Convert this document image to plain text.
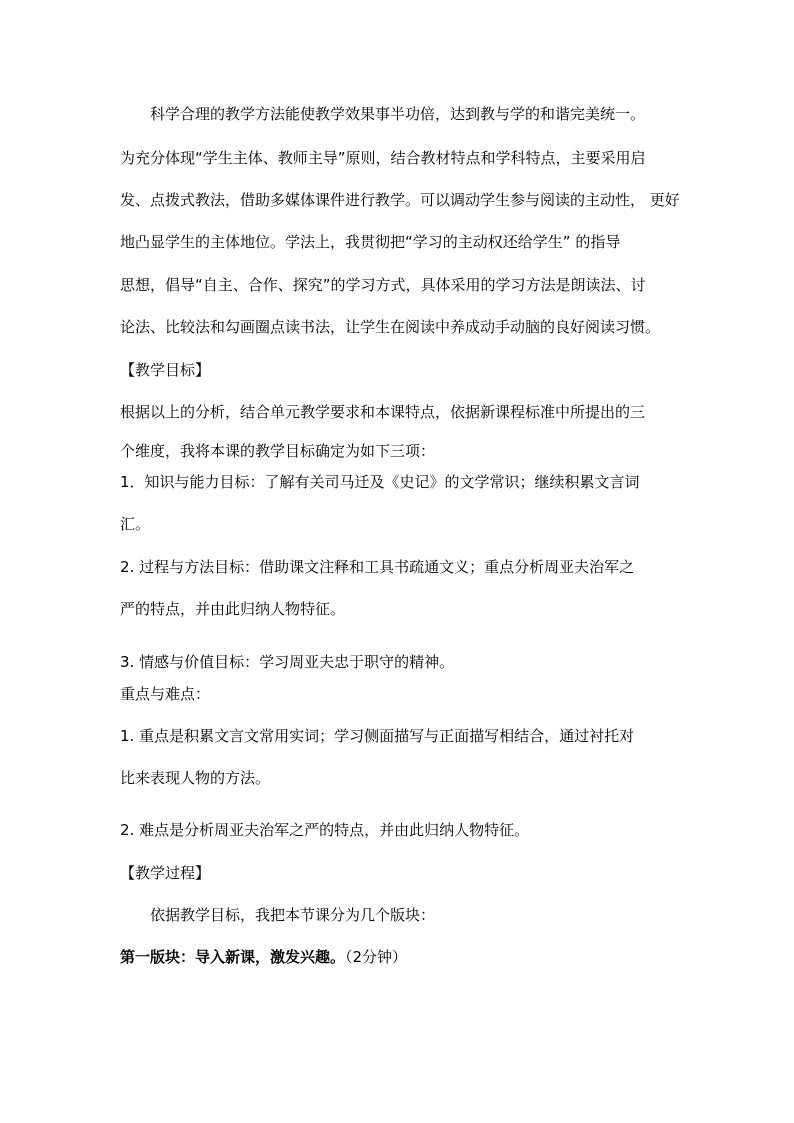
科学合理的教学方法能使教学效果事半功倍，达到教与学的和谐完美统一。
为充分体现“学生主体、教师主导”原则，结合教材特点和学科特点，主要采用启
发、点拨式教法，借助多媒体课件进行教学。可以调动学生参与阅读的主动性， 更好
地凸显学生的主体地位。学法上，我贯彻把“学习的主动权还给学生” 的指导
思想，倡导“自主、合作、探究”的学习方式，具体采用的学习方法是朗读法、讨
论法、比较法和勾画圈点读书法，让学生在阅读中养成动手动脑的良好阅读习惯。
【教学目标】
根据以上的分析，结合单元教学要求和本课特点，依据新课程标准中所提出的三
个维度，我将本课的教学目标确定为如下三项：
1．知识与能力目标：了解有关司马迁及《史记》的文学常识；继续积累文言词
汇。
2. 过程与方法目标：借助课文注释和工具书疏通文义；重点分析周亚夫治军之
严的特点，并由此归纳人物特征。
3. 情感与价值目标：学习周亚夫忠于职守的精神。
重点与难点：
1. 重点是积累文言文常用实词；学习侧面描写与正面描写相结合，通过衬托对
比来表现人物的方法。
2. 难点是分析周亚夫治军之严的特点，并由此归纳人物特征。
【教学过程】
依据教学目标，我把本节课分为几个版块：
第一版块：导入新课，激发兴趣。（2分钟）
